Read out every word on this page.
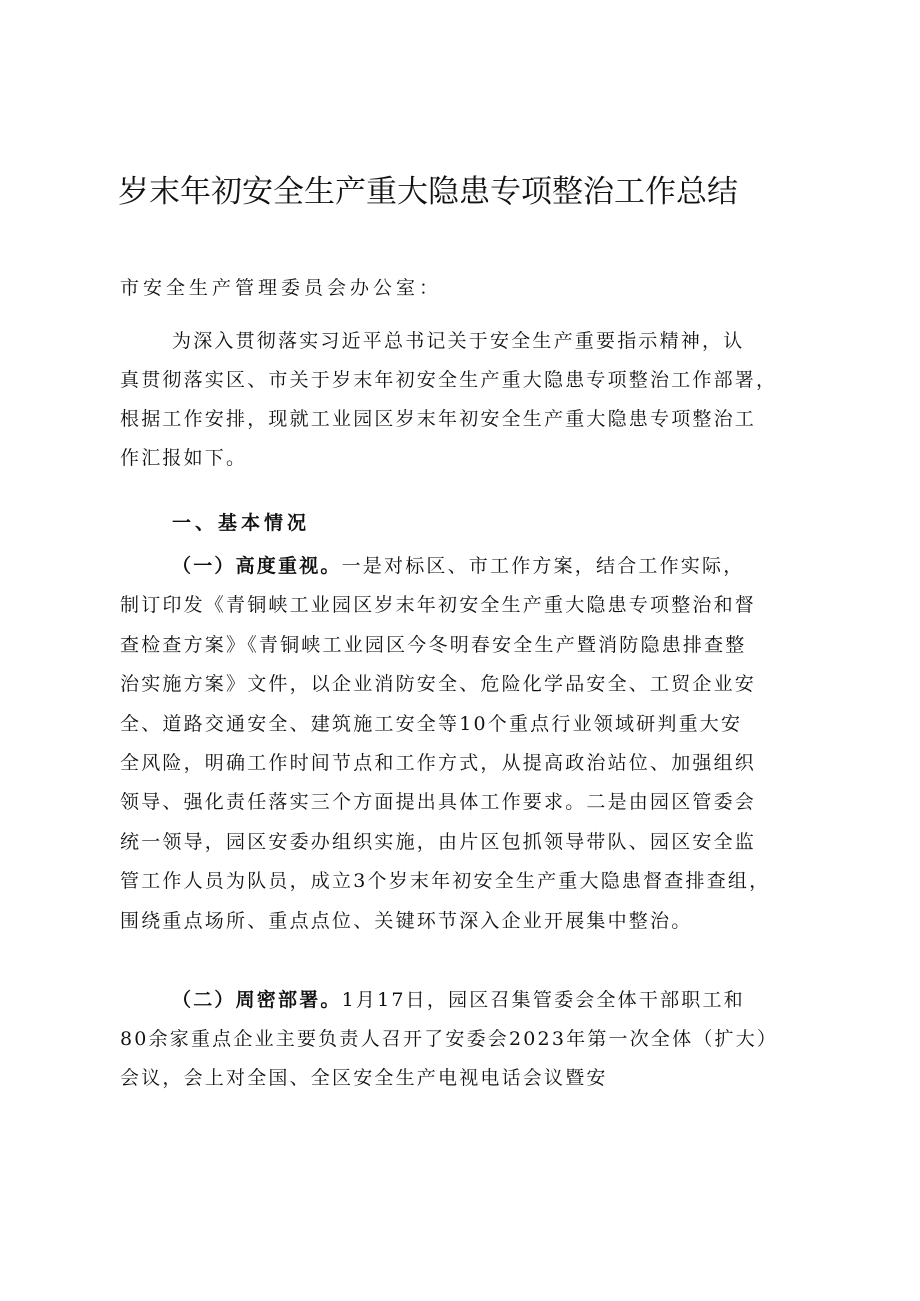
岁末年初安全生产重大隐患专项整治工作总结
市安全生产管理委员会办公室：
为深入贯彻落实习近平总书记关于安全生产重要指示精神，认
真贯彻落实区、市关于岁末年初安全生产重大隐患专项整治工作部署，
根据工作安排，现就工业园区岁末年初安全生产重大隐患专项整治工
作汇报如下。
一、基本情况
（一）高度重视。一是对标区、市工作方案，结合工作实际，
制订印发《青铜峡工业园区岁末年初安全生产重大隐患专项整治和督
查检查方案》《青铜峡工业园区今冬明春安全生产暨消防隐患排查整
治实施方案》文件，以企业消防安全、危险化学品安全、工贸企业安
全、道路交通安全、建筑施工安全等10个重点行业领域研判重大安
全风险，明确工作时间节点和工作方式，从提高政治站位、加强组织
领导、强化责任落实三个方面提出具体工作要求。二是由园区管委会
统一领导，园区安委办组织实施，由片区包抓领导带队、园区安全监
管工作人员为队员，成立3个岁末年初安全生产重大隐患督查排查组，
围绕重点场所、重点点位、关键环节深入企业开展集中整治。
（二）周密部署。1月17日，园区召集管委会全体干部职工和
80余家重点企业主要负责人召开了安委会2023年第一次全体（扩大）
会议，会上对全国、全区安全生产电视电话会议暨安
